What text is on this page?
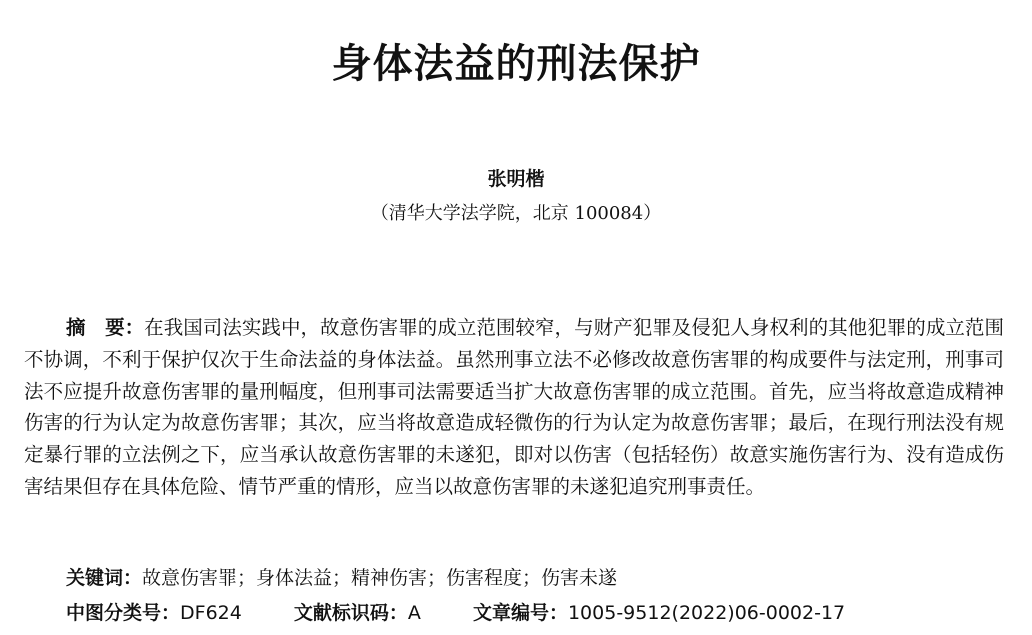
身体法益的刑法保护
张明楷
（清华大学法学院，北京 100084）
摘　要：在我国司法实践中，故意伤害罪的成立范围较窄，与财产犯罪及侵犯人身权利的其他犯罪的成立范围不协调，不利于保护仅次于生命法益的身体法益。虽然刑事立法不必修改故意伤害罪的构成要件与法定刑，刑事司法不应提升故意伤害罪的量刑幅度，但刑事司法需要适当扩大故意伤害罪的成立范围。首先，应当将故意造成精神伤害的行为认定为故意伤害罪；其次，应当将故意造成轻微伤的行为认定为故意伤害罪；最后，在现行刑法没有规定暴行罪的立法例之下，应当承认故意伤害罪的未遂犯，即对以伤害（包括轻伤）故意实施伤害行为、没有造成伤害结果但存在具体危险、情节严重的情形，应当以故意伤害罪的未遂犯追究刑事责任。
关键词：故意伤害罪；身体法益；精神伤害；伤害程度；伤害未遂
中图分类号：DF624	文献标识码：A	文章编号：1005-9512(2022)06-0002-17
